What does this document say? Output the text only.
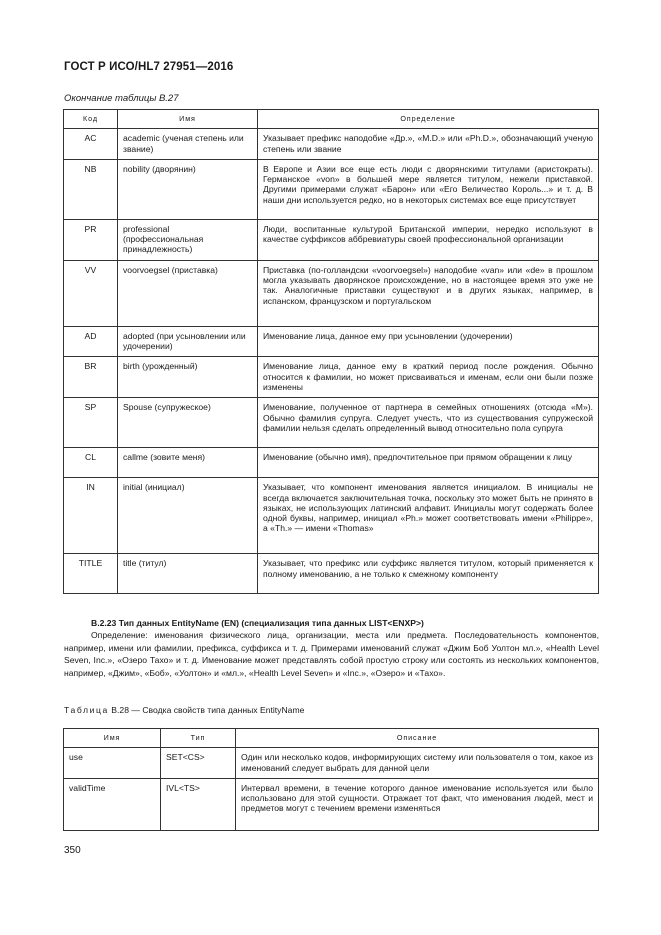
ГОСТ Р ИСО/HL7 27951—2016
Окончание таблицы В.27
Код	Имя	Определение
AC	academic (ученая степень или звание)	Указывает префикс наподобие «Др.», «M.D.» или «Ph.D.», обозначающий ученую степень или звание
NB	nobility (дворянин)	В Европе и Азии все еще есть люди с дворянскими титулами (аристократы). Германское «von» в большей мере является титулом, нежели приставкой. Другими примерами служат «Барон» или «Его Величество Король...» и т. д. В наши дни используется редко, но в некоторых системах все еще присутствует
PR	professional (профессиональная принадлежность)	Люди, воспитанные культурой Британской империи, нередко используют в качестве суффиксов аббревиатуры своей профессиональной организации
VV	voorvoegsel (приставка)	Приставка (по-голландски «voorvoegsel») наподобие «van» или «de» в прошлом могла указывать дворянское происхождение, но в настоящее время это уже не так. Аналогичные приставки существуют и в других языках, например, в испанском, французском и португальском
AD	adopted (при усыновлении или удочерении)	Именование лица, данное ему при усыновлении (удочерении)
BR	birth (урожденный)	Именование лица, данное ему в краткий период после рождения. Обычно относится к фамилии, но может присваиваться и именам, если они были позже изменены
SP	Spouse (супружеское)	Именование, полученное от партнера в семейных отношениях (отсюда «M»). Обычно фамилия супруга. Следует учесть, что из существования супружеской фамилии нельзя сделать определенный вывод относительно пола супруга
CL	callme (зовите меня)	Именование (обычно имя), предпочтительное при прямом обращении к лицу
IN	initial (инициал)	Указывает, что компонент именования является инициалом. В инициалы не всегда включается заключительная точка, поскольку это может быть не принято в языках, не использующих латинский алфавит. Инициалы могут содержать более одной буквы, например, инициал «Ph.» может соответствовать имени «Philippe», а «Th.» — имени «Thomas»
TITLE	title (титул)	Указывает, что префикс или суффикс является титулом, который применяется к полному именованию, а не только к смежному компоненту
В.2.23 Тип данных EntityName (EN) (специализация типа данных LIST<ENXP>)

Определение: именования физического лица, организации, места или предмета. Последовательность компонентов, например, имени или фамилии, префикса, суффикса и т. д. Примерами именований служат «Джим Боб Уолтон мл.», «Health Level Seven, Inc.», «Озеро Тахо» и т. д. Именование может представлять собой простую строку или состоять из нескольких компонентов, например, «Джим», «Боб», «Уолтон» и «мл.», «Health Level Seven» и «Inc.», «Озеро» и «Тахо».

Таблица В.28 — Сводка свойств типа данных EntityName
Имя	Тип	Описание
use	SET<CS>	Один или несколько кодов, информирующих систему или пользователя о том, какое из именований следует выбрать для данной цели
validTime	IVL<TS>	Интервал времени, в течение которого данное именование используется или было использовано для этой сущности. Отражает тот факт, что именования людей, мест и предметов могут с течением времени изменяться
350
